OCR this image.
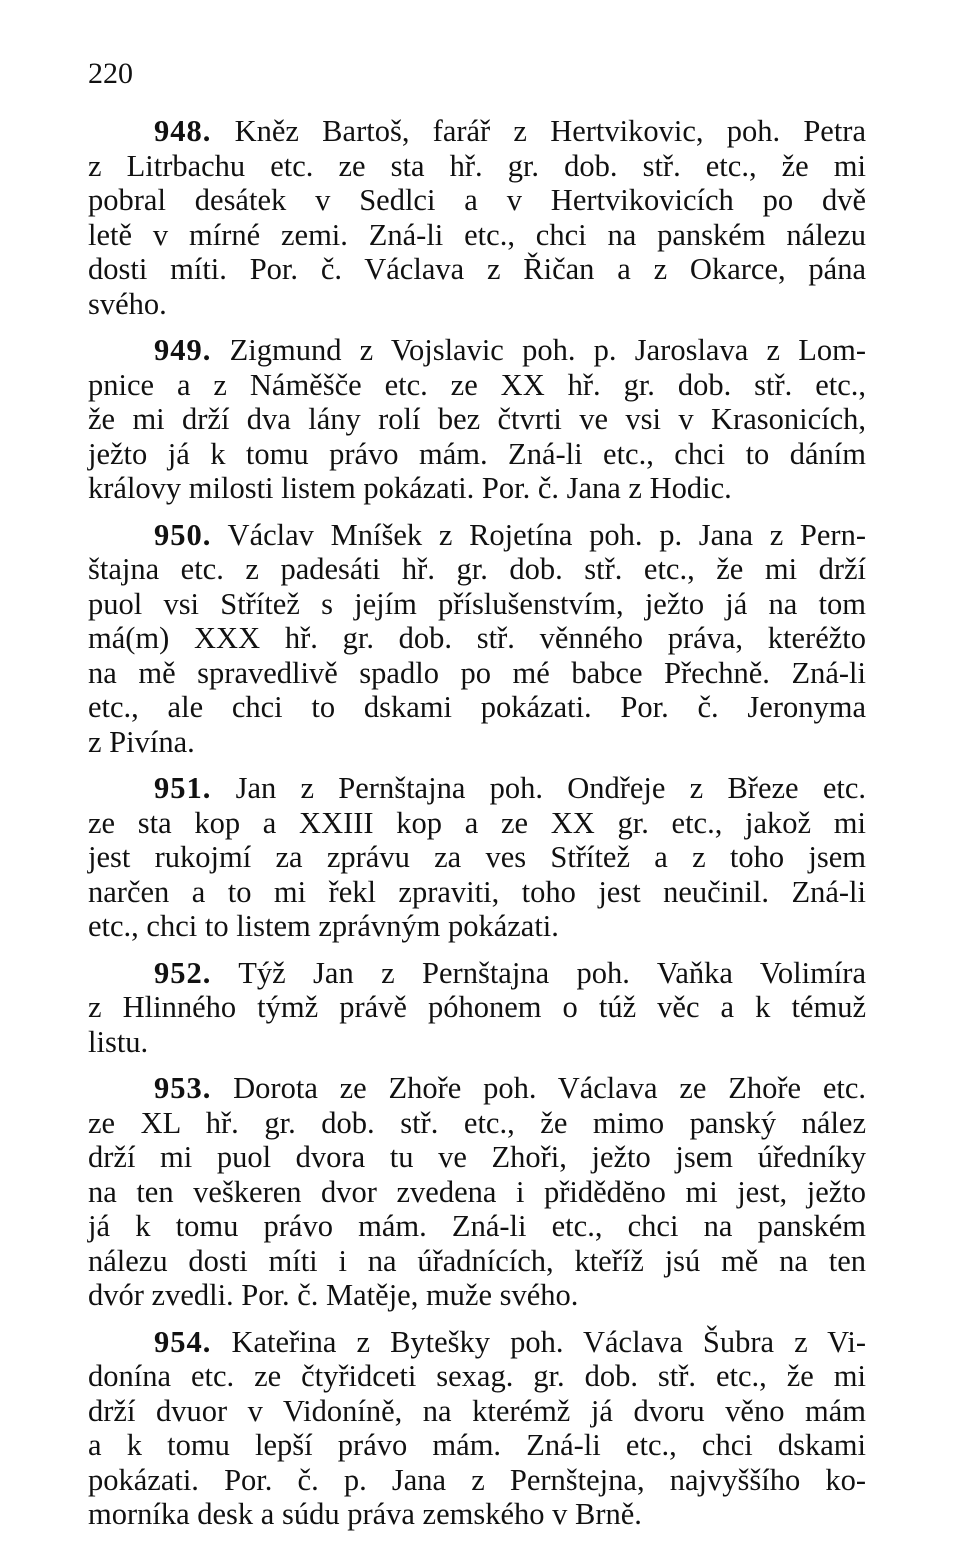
220
948. Kněz Bartoš, farář z Hertvikovic, poh. Petra
z Litrbachu etc. ze sta hř. gr. dob. stř. etc., že mi
pobral desátek v Sedlci a v Hertvikovicích po dvě
letě v mírné zemi. Zná-li etc., chci na panském nálezu
dosti míti. Por. č. Václava z Řičan a z Okarce, pána
svého.
949. Zigmund z Vojslavic poh. p. Jaroslava z Lom-
pnice a z Náměšče etc. ze XX hř. gr. dob. stř. etc.,
že mi drží dva lány rolí bez čtvrti ve vsi v Krasonicích,
ježto já k tomu právo mám. Zná-li etc., chci to dáním
královy milosti listem pokázati. Por. č. Jana z Hodic.
950. Václav Mníšek z Rojetína poh. p. Jana z Pern-
štajna etc. z padesáti hř. gr. dob. stř. etc., že mi drží
puol vsi Střítež s jejím příslušenstvím, ježto já na tom
má(m) XXX hř. gr. dob. stř. věnného práva, kteréžto
na mě spravedlivě spadlo po mé babce Přechně. Zná-li
etc., ale chci to dskami pokázati. Por. č. Jeronyma
z Pivína.
951. Jan z Pernštajna poh. Ondřeje z Březe etc.
ze sta kop a XXIII kop a ze XX gr. etc., jakož mi
jest rukojmí za zprávu za ves Střítež a z toho jsem
narčen a to mi řekl zpraviti, toho jest neučinil. Zná-li
etc., chci to listem zprávným pokázati.
952. Týž Jan z Pernštajna poh. Vaňka Volimíra
z Hlinného týmž právě póhonem o túž věc a k témuž
listu.
953. Dorota ze Zhoře poh. Václava ze Zhoře etc.
ze XL hř. gr. dob. stř. etc., že mimo panský nález
drží mi puol dvora tu ve Zhoři, ježto jsem úředníky
na ten veškeren dvor zvedena i přidědĕno mi jest, ježto
já k tomu právo mám. Zná-li etc., chci na panském
nálezu dosti míti i na úřadnících, kteříž jsú mě na ten
dvór zvedli. Por. č. Matěje, muže svého.
954. Kateřina z Bytešky poh. Václava Šubra z Vi-
donína etc. ze čtyřidceti sexag. gr. dob. stř. etc., že mi
drží dvuor v Vidoníně, na kterémž já dvoru věno mám
a k tomu lepší právo mám. Zná-li etc., chci dskami
pokázati. Por. č. p. Jana z Pernštejna, najvyššího ko-
morníka desk a súdu práva zemského v Brně.
